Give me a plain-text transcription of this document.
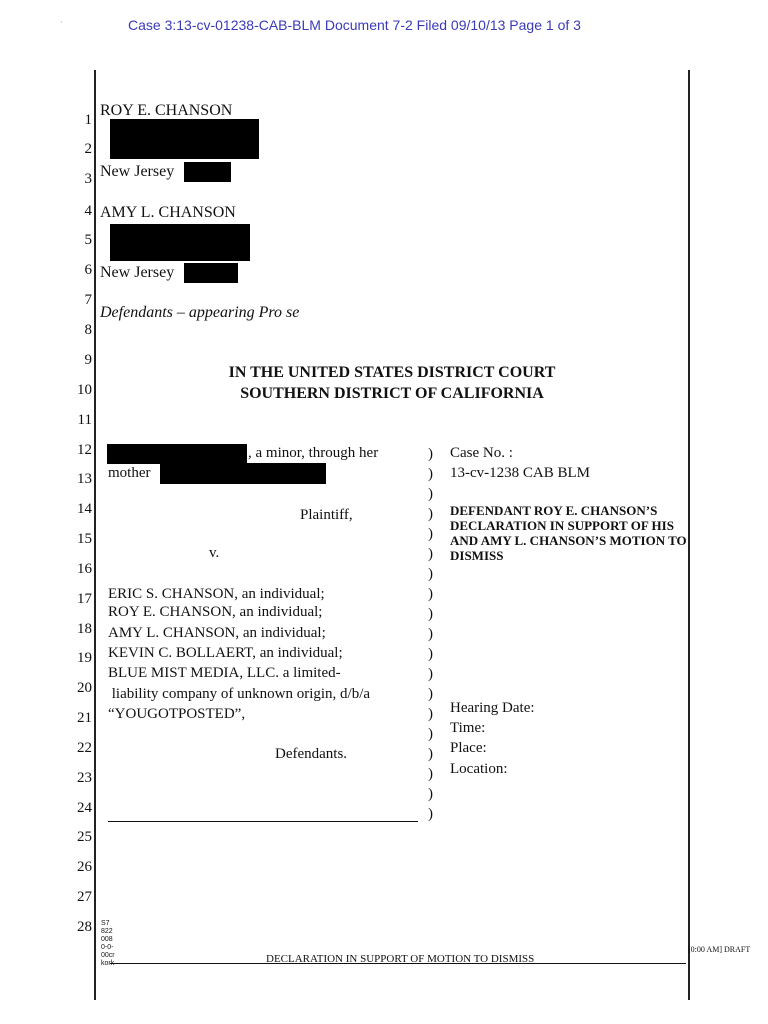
Case 3:13-cv-01238-CAB-BLM Document 7-2 Filed 09/10/13 Page 1 of 3
·
1
2
3
4
5
6
7
8
9
10
11
12
13
14
15
16
17
18
19
20
21
22
23
24
25
26
27
28
ROY E. CHANSON
New Jersey
AMY L. CHANSON
New Jersey
Defendants – appearing Pro se
IN THE UNITED STATES DISTRICT COURT
SOUTHERN DISTRICT OF CALIFORNIA
, a minor, through her
mother
Plaintiff,
v.
ERIC S. CHANSON, an individual;
ROY E. CHANSON, an individual;
AMY L. CHANSON, an individual;
KEVIN C. BOLLAERT, an individual;
BLUE MIST MEDIA, LLC. a limited-
liability company of unknown origin, d/b/a
“YOUGOTPOSTED”,
Defendants.
)
)
)
)
)
)
)
)
)
)
)
)
)
)
)
)
)
)
)
Case No. :
13-cv-1238 CAB BLM
DEFENDANT ROY E. CHANSON’S DECLARATION IN SUPPORT OF HIS AND AMY L. CHANSON’S MOTION TO DISMISS
Hearing Date:
Time:
Place:
Location:
S7
822
008
0-0-
00cr
kork	DECLARATION IN SUPPORT OF MOTION TO DISMISS
[0:00 AM] DRAFT
